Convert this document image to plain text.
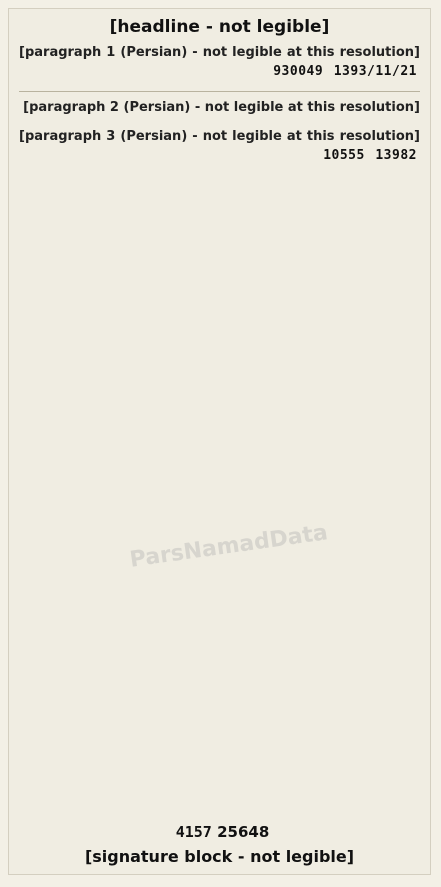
[headline - not legible]

[paragraph 1 (Persian) - not legible at this resolution] 930049 1393/11/21

[paragraph 2 (Persian) - not legible at this resolution]

[paragraph 3 (Persian) - not legible at this resolution] 10555 13982

ParsNamadData
25648 4157
[signature block - not legible]
